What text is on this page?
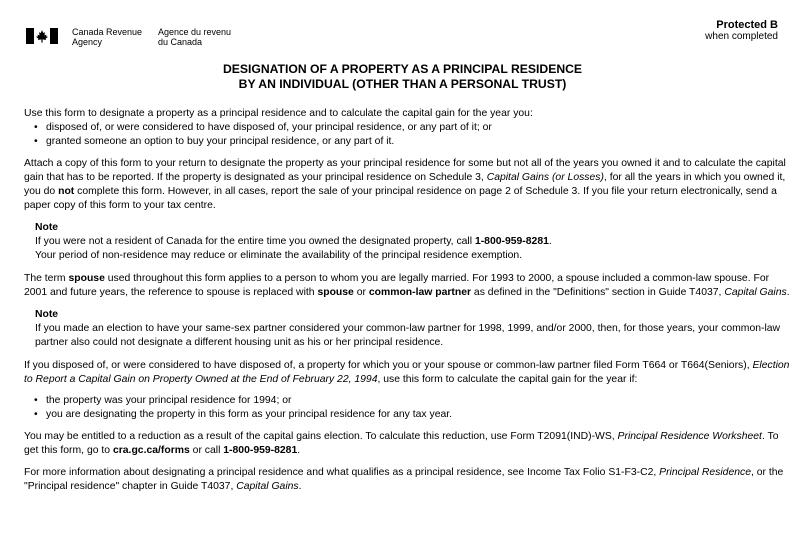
Canada Revenue
Agency
Agence du revenu
du Canada
Protected B
when completed
DESIGNATION OF A PROPERTY AS A PRINCIPAL RESIDENCE
BY AN INDIVIDUAL (OTHER THAN A PERSONAL TRUST)

Use this form to designate a property as a principal residence and to calculate the capital gain for the year you:

• disposed of, or were considered to have disposed of, your principal residence, or any part of it; or
• granted someone an option to buy your principal residence, or any part of it.

Attach a copy of this form to your return to designate the property as your principal residence for some but not all of the years you owned it and to calculate the capital gain that has to be reported. If the property is designated as your principal residence on Schedule 3, Capital Gains (or Losses), for all the years in which you owned it, you do not complete this form. However, in all cases, report the sale of your principal residence on page 2 of Schedule 3. If you file your return electronically, send a paper copy of this form to your tax centre.

Note
If you were not a resident of Canada for the entire time you owned the designated property, call 1-800-959-8281.
Your period of non-residence may reduce or eliminate the availability of the principal residence exemption.

The term spouse used throughout this form applies to a person to whom you are legally married. For 1993 to 2000, a spouse included a common-law spouse. For 2001 and future years, the reference to spouse is replaced with spouse or common-law partner as defined in the "Definitions" section in Guide T4037, Capital Gains.

Note
If you made an election to have your same-sex partner considered your common-law partner for 1998, 1999, and/or 2000, then, for those years, your common-law partner also could not designate a different housing unit as his or her principal residence.

If you disposed of, or were considered to have disposed of, a property for which you or your spouse or common-law partner filed Form T664 or T664(Seniors), Election to Report a Capital Gain on Property Owned at the End of February 22, 1994, use this form to calculate the capital gain for the year if:

• the property was your principal residence for 1994; or
• you are designating the property in this form as your principal residence for any tax year.

You may be entitled to a reduction as a result of the capital gains election. To calculate this reduction, use Form T2091(IND)-WS, Principal Residence Worksheet. To get this form, go to cra.gc.ca/forms or call 1-800-959-8281.

For more information about designating a principal residence and what qualifies as a principal residence, see Income Tax Folio S1-F3-C2, Principal Residence, or the "Principal residence" chapter in Guide T4037, Capital Gains.
